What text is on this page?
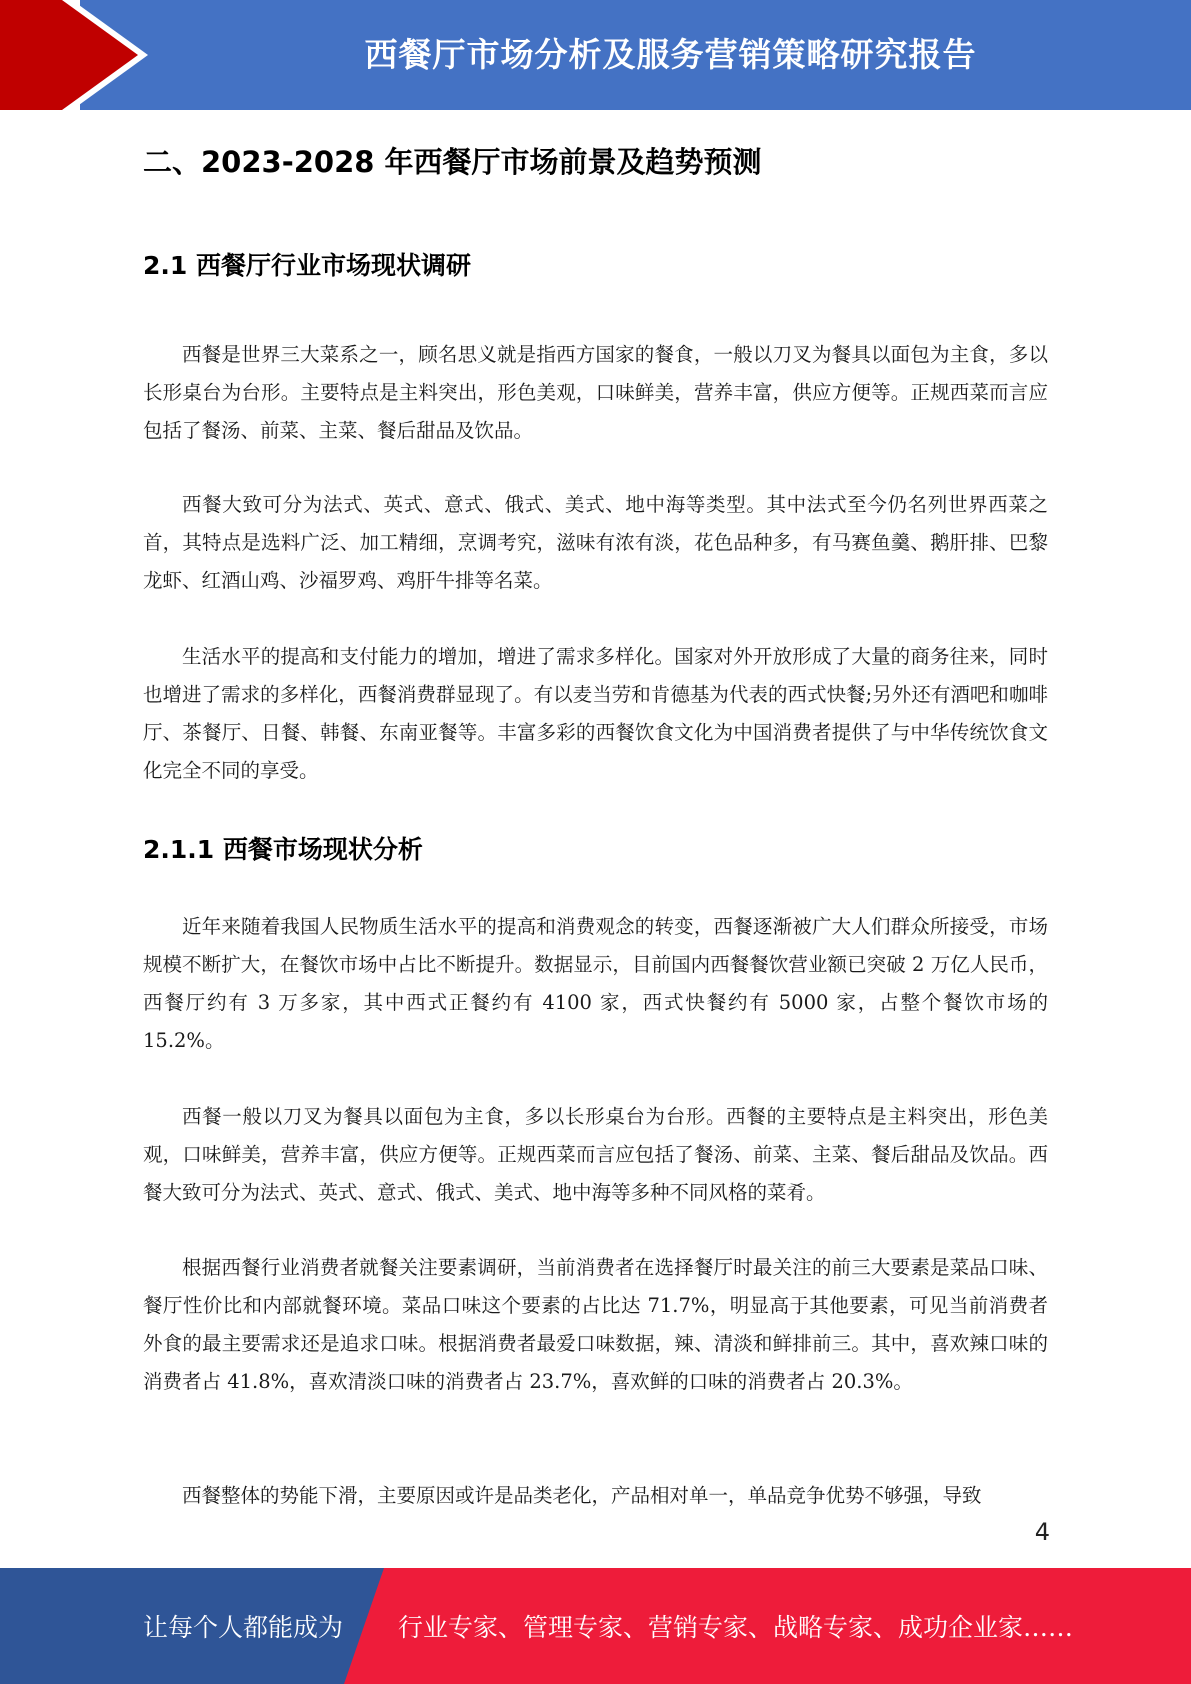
西餐厅市场分析及服务营销策略研究报告
二、2023-2028 年西餐厅市场前景及趋势预测
2.1 西餐厅行业市场现状调研
西餐是世界三大菜系之一，顾名思义就是指西方国家的餐食，一般以刀叉为餐具以面包为主食，多以长形桌台为台形。主要特点是主料突出，形色美观，口味鲜美，营养丰富，供应方便等。正规西菜而言应包括了餐汤、前菜、主菜、餐后甜品及饮品。
西餐大致可分为法式、英式、意式、俄式、美式、地中海等类型。其中法式至今仍名列世界西菜之首，其特点是选料广泛、加工精细，烹调考究，滋味有浓有淡，花色品种多，有马赛鱼羹、鹅肝排、巴黎龙虾、红酒山鸡、沙福罗鸡、鸡肝牛排等名菜。
生活水平的提高和支付能力的增加，增进了需求多样化。国家对外开放形成了大量的商务往来，同时也增进了需求的多样化，西餐消费群显现了。有以麦当劳和肯德基为代表的西式快餐;另外还有酒吧和咖啡厅、茶餐厅、日餐、韩餐、东南亚餐等。丰富多彩的西餐饮食文化为中国消费者提供了与中华传统饮食文化完全不同的享受。
2.1.1 西餐市场现状分析
近年来随着我国人民物质生活水平的提高和消费观念的转变，西餐逐渐被广大人们群众所接受，市场规模不断扩大，在餐饮市场中占比不断提升。数据显示，目前国内西餐餐饮营业额已突破 2 万亿人民币，西餐厅约有 3 万多家，其中西式正餐约有 4100 家，西式快餐约有 5000 家，占整个餐饮市场的 15.2%。
西餐一般以刀叉为餐具以面包为主食，多以长形桌台为台形。西餐的主要特点是主料突出，形色美观，口味鲜美，营养丰富，供应方便等。正规西菜而言应包括了餐汤、前菜、主菜、餐后甜品及饮品。西餐大致可分为法式、英式、意式、俄式、美式、地中海等多种不同风格的菜肴。
根据西餐行业消费者就餐关注要素调研，当前消费者在选择餐厅时最关注的前三大要素是菜品口味、餐厅性价比和内部就餐环境。菜品口味这个要素的占比达 71.7%，明显高于其他要素，可见当前消费者外食的最主要需求还是追求口味。根据消费者最爱口味数据，辣、清淡和鲜排前三。其中，喜欢辣口味的消费者占 41.8%，喜欢清淡口味的消费者占 23.7%，喜欢鲜的口味的消费者占 20.3%。
西餐整体的势能下滑，主要原因或许是品类老化，产品相对单一，单品竞争优势不够强，导致
4
让每个人都能成为 行业专家、管理专家、营销专家、战略专家、成功企业家……
